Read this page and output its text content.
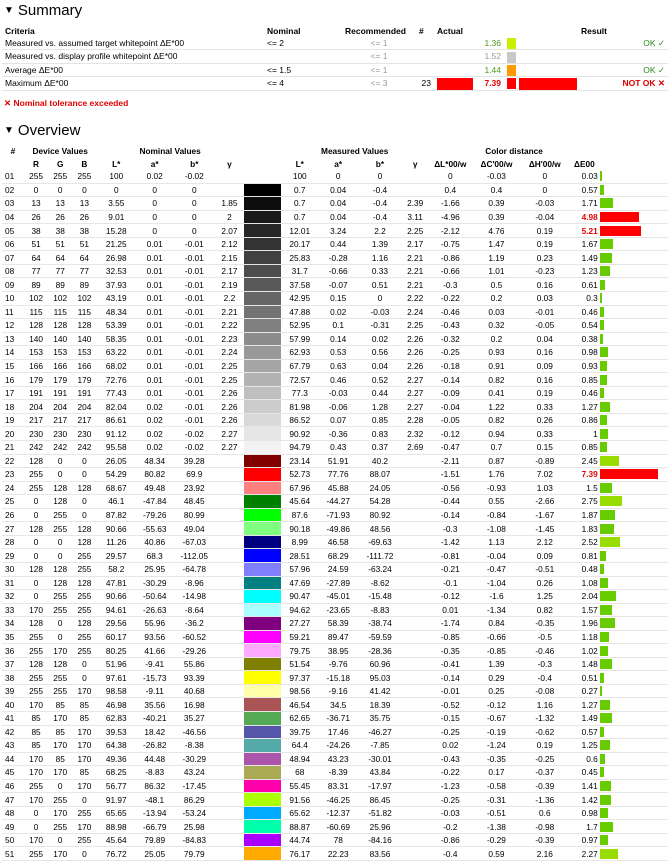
▼ Summary
Criteria	Nominal	Recommended	#	Actual				Result
Measured vs. assumed target whitepoint ΔE*00	<= 2	<= 1			1.36			OK ✓
Measured vs. display profile whitepoint ΔE*00		<= 1			1.52			
Average ΔE*00	<= 1.5	<= 1			1.44			OK ✓
Maximum ΔE*00	<= 4	<= 3	23		7.39			NOT OK ✕
✕ Nominal tolerance exceeded
▼ Overview
#	Device Values			Nominal Values						Measured Values				Color distance				
	R	G	B	L*	a*	b*	γ			L*	a*	b*	γ	ΔL*00/w	ΔC'00/w	ΔH'00/w	ΔE00	
01	255	255	255	100	0.02	-0.02				100	0	0		0	-0.03	0	0.03	

02	0	0	0	0	0	0				0.7	0.04	-0.4		0.4	0.4	0	0.57	

03	13	13	13	3.55	0	0	1.85			0.7	0.04	-0.4	2.39	-1.66	0.39	-0.03	1.71	

04	26	26	26	9.01	0	0	2			0.7	0.04	-0.4	3.11	-4.96	0.39	-0.04	4.98	

05	38	38	38	15.28	0	0	2.07			12.01	3.24	2.2	2.25	-2.12	4.76	0.19	5.21	

06	51	51	51	21.25	0.01	-0.01	2.12			20.17	0.44	1.39	2.17	-0.75	1.47	0.19	1.67	

07	64	64	64	26.98	0.01	-0.01	2.15			25.83	-0.28	1.16	2.21	-0.86	1.19	0.23	1.49	

08	77	77	77	32.53	0.01	-0.01	2.17			31.7	-0.66	0.33	2.21	-0.66	1.01	-0.23	1.23	

09	89	89	89	37.93	0.01	-0.01	2.19			37.58	-0.07	0.51	2.21	-0.3	0.5	0.16	0.61	

10	102	102	102	43.19	0.01	-0.01	2.2			42.95	0.15	0	2.22	-0.22	0.2	0.03	0.3	

11	115	115	115	48.34	0.01	-0.01	2.21			47.88	0.02	-0.03	2.24	-0.46	0.03	-0.01	0.46	

12	128	128	128	53.39	0.01	-0.01	2.22			52.95	0.1	-0.31	2.25	-0.43	0.32	-0.05	0.54	

13	140	140	140	58.35	0.01	-0.01	2.23			57.99	0.14	0.02	2.26	-0.32	0.2	0.04	0.38	

14	153	153	153	63.22	0.01	-0.01	2.24			62.93	0.53	0.56	2.26	-0.25	0.93	0.16	0.98	

15	166	166	166	68.02	0.01	-0.01	2.25			67.79	0.63	0.04	2.26	-0.18	0.91	0.09	0.93	

16	179	179	179	72.76	0.01	-0.01	2.25			72.57	0.46	0.52	2.27	-0.14	0.82	0.16	0.85	

17	191	191	191	77.43	0.01	-0.01	2.26			77.3	-0.03	0.44	2.27	-0.09	0.41	0.19	0.46	

18	204	204	204	82.04	0.02	-0.01	2.26			81.98	-0.06	1.28	2.27	-0.04	1.22	0.33	1.27	

19	217	217	217	86.61	0.02	-0.01	2.26			86.52	0.07	0.85	2.28	-0.05	0.82	0.26	0.86	

20	230	230	230	91.12	0.02	-0.02	2.27			90.92	-0.36	0.83	2.32	-0.12	0.94	0.33	1	

21	242	242	242	95.58	0.02	-0.02	2.27			94.79	0.43	0.37	2.69	-0.47	0.7	0.15	0.85	

22	128	0	0	26.05	48.34	39.28				23.14	51.91	40.2		-2.11	0.87	-0.89	2.45	

23	255	0	0	54.29	80.82	69.9				52.73	77.76	88.07		-1.51	1.76	7.02	7.39	

24	255	128	128	68.67	49.48	23.92				67.96	45.88	24.05		-0.56	-0.93	1.03	1.5	

25	0	128	0	46.1	-47.84	48.45				45.64	-44.27	54.28		-0.44	0.55	-2.66	2.75	

26	0	255	0	87.82	-79.26	80.99				87.6	-71.93	80.92		-0.14	-0.84	-1.67	1.87	

27	128	255	128	90.66	-55.63	49.04				90.18	-49.86	48.56		-0.3	-1.08	-1.45	1.83	

28	0	0	128	11.26	40.86	-67.03				8.99	46.58	-69.63		-1.42	1.13	2.12	2.52	

29	0	0	255	29.57	68.3	-112.05				28.51	68.29	-111.72		-0.81	-0.04	0.09	0.81	

30	128	128	255	58.2	25.95	-64.78				57.96	24.59	-63.24		-0.21	-0.47	-0.51	0.48	

31	0	128	128	47.81	-30.29	-8.96				47.69	-27.89	-8.62		-0.1	-1.04	0.26	1.08	

32	0	255	255	90.66	-50.64	-14.98				90.47	-45.01	-15.48		-0.12	-1.6	1.25	2.04	

33	170	255	255	94.61	-26.63	-8.64				94.62	-23.65	-8.83		0.01	-1.34	0.82	1.57	

34	128	0	128	29.56	55.96	-36.2				27.27	58.39	-38.74		-1.74	0.84	-0.35	1.96	

35	255	0	255	60.17	93.56	-60.52				59.21	89.47	-59.59		-0.85	-0.66	-0.5	1.18	

36	255	170	255	80.25	41.66	-29.26				79.75	38.95	-28.36		-0.35	-0.85	-0.46	1.02	

37	128	128	0	51.96	-9.41	55.86				51.54	-9.76	60.96		-0.41	1.39	-0.3	1.48	

38	255	255	0	97.61	-15.73	93.39				97.37	-15.18	95.03		-0.14	0.29	-0.4	0.51	

39	255	255	170	98.58	-9.11	40.68				98.56	-9.16	41.42		-0.01	0.25	-0.08	0.27	

40	170	85	85	46.98	35.56	16.98				46.54	34.5	18.39		-0.52	-0.12	1.16	1.27	

41	85	170	85	62.83	-40.21	35.27				62.65	-36.71	35.75		-0.15	-0.67	-1.32	1.49	

42	85	85	170	39.53	18.42	-46.56				39.75	17.46	-46.27		-0.25	-0.19	-0.62	0.57	

43	85	170	170	64.38	-26.82	-8.38				64.4	-24.26	-7.85		0.02	-1.24	0.19	1.25	

44	170	85	170	49.36	44.48	-30.29				48.94	43.23	-30.01		-0.43	-0.35	-0.25	0.6	

45	170	170	85	68.25	-8.83	43.24				68	-8.39	43.84		-0.22	0.17	-0.37	0.45	

46	255	0	170	56.77	86.32	-17.45				55.45	83.31	-17.97		-1.23	-0.58	-0.39	1.41	

47	170	255	0	91.97	-48.1	86.29				91.56	-46.25	86.45		-0.25	-0.31	-1.36	1.42	

48	0	170	255	65.65	-13.94	-53.24				65.62	-12.37	-51.82		-0.03	-0.51	0.6	0.98	

49	0	255	170	88.98	-66.79	25.98				88.87	-60.69	25.96		-0.2	-1.38	-0.98	1.7	

50	170	0	255	45.64	79.89	-84.83				44.74	78	-84.16		-0.86	-0.29	-0.39	0.97	

51	255	170	0	76.72	25.05	79.79				76.17	22.23	83.56		-0.4	0.59	2.16	2.27	
